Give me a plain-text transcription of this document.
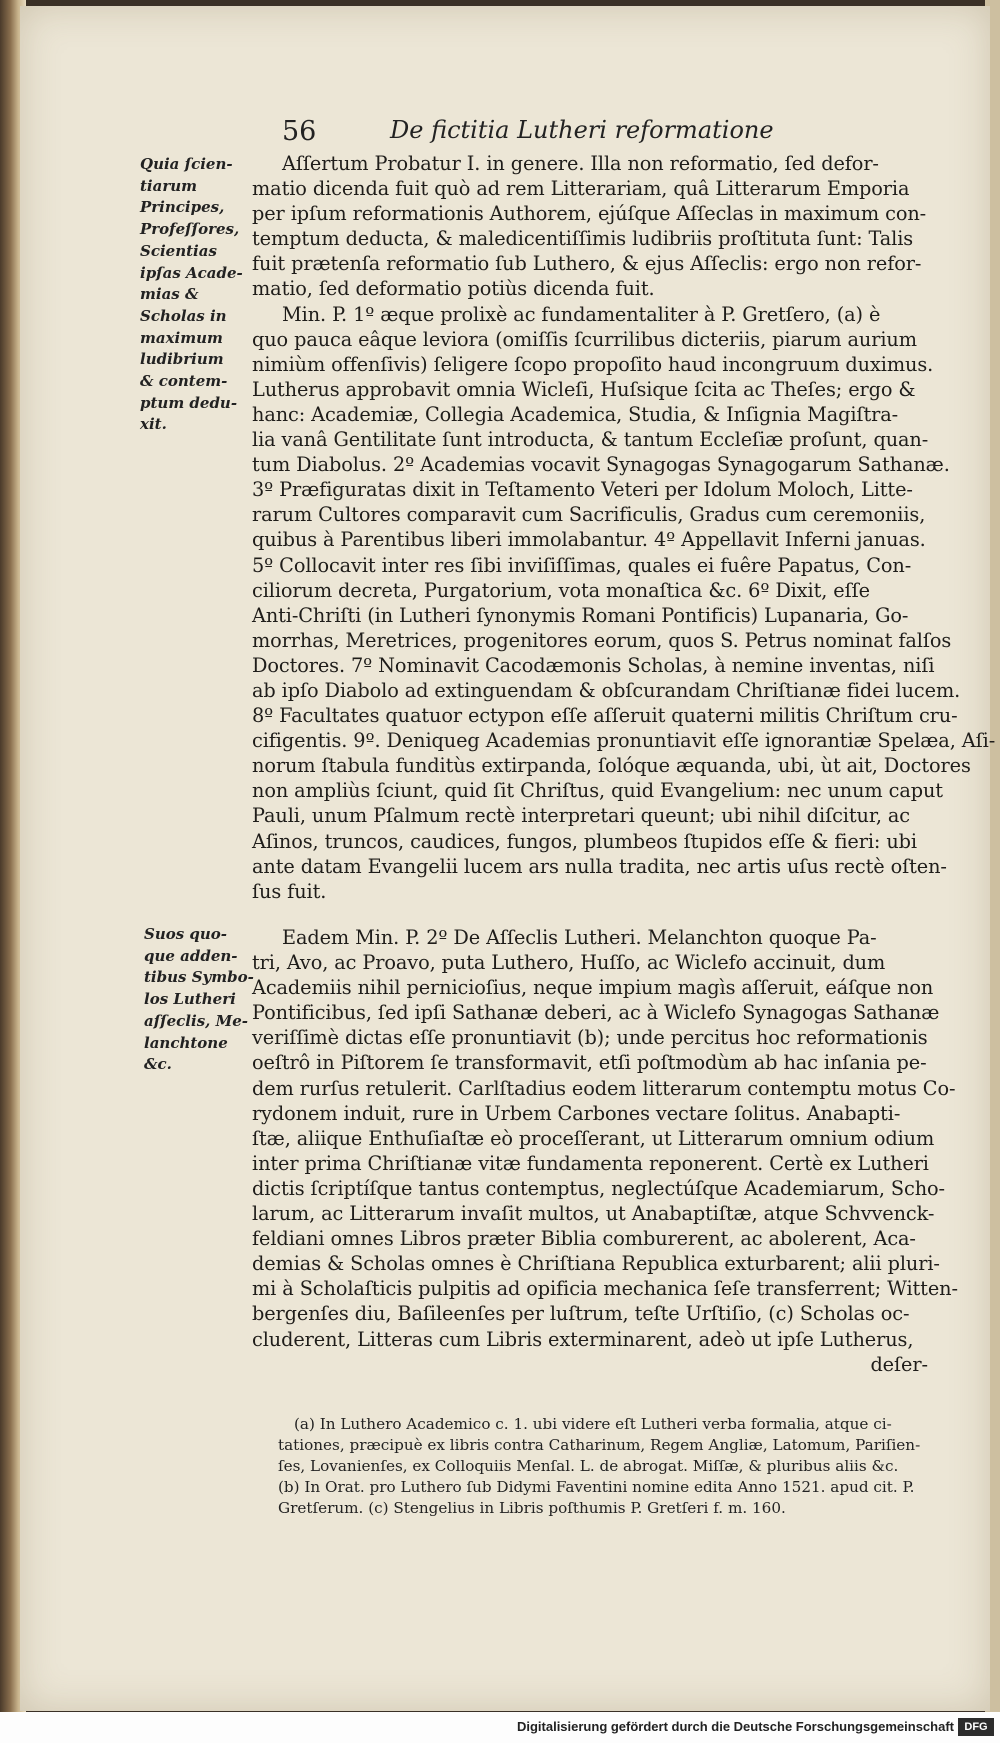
56	De fictitia Lutheri reformatione
Quia ſcien-
tiarum
Principes,
Profeſſores,
Scientias
ipſas Acade-
mias &
Scholas in
maximum
ludibrium
& contem-
ptum dedu-
xit.
Suos quo-
que adden-
tibus Symbo-
los Lutheri
aſſeclis, Me-
lanchtone
&c.
Aſſertum Probatur I. in genere. Illa non reformatio, ſed defor-
matio dicenda fuit quò ad rem Litterariam, quâ Litterarum Emporia
per ipſum reformationis Authorem, ejúſque Aſſeclas in maximum con-
temptum deducta, & maledicentiſſimis ludibriis proſtituta ſunt: Talis
fuit prætenſa reformatio ſub Luthero, & ejus Aſſeclis: ergo non refor-
matio, ſed deformatio potiùs dicenda fuit.
Min. P. 1º æque prolixè ac fundamentaliter à P. Gretſero, (a) è
quo pauca eâque leviora (omiſſis ſcurrilibus dicteriis, piarum aurium
nimiùm offenſivis) ſeligere ſcopo propoſito haud incongruum duximus.
Lutherus approbavit omnia Wicleſi, Huſsique ſcita ac Theſes; ergo &
hanc: Academiæ, Collegia Academica, Studia, & Inſignia Magiſtra-
lia vanâ Gentilitate ſunt introducta, & tantum Eccleſiæ proſunt, quan-
tum Diabolus. 2º Academias vocavit Synagogas Synagogarum Sathanæ.
3º Præfiguratas dixit in Teſtamento Veteri per Idolum Moloch, Litte-
rarum Cultores comparavit cum Sacrificulis, Gradus cum ceremoniis,
quibus à Parentibus liberi immolabantur. 4º Appellavit Inferni januas.
5º Collocavit inter res ſibi inviſiſſimas, quales ei fuêre Papatus, Con-
ciliorum decreta, Purgatorium, vota monaſtica &c. 6º Dixit, eſſe
Anti-Chriſti (in Lutheri ſynonymis Romani Pontificis) Lupanaria, Go-
morrhas, Meretrices, progenitores eorum, quos S. Petrus nominat falſos
Doctores. 7º Nominavit Cacodæmonis Scholas, à nemine inventas, niſi
ab ipſo Diabolo ad extinguendam & obſcurandam Chriſtianæ fidei lucem.
8º Facultates quatuor ectypon eſſe aſſeruit quaterni militis Chriſtum cru-
cifigentis. 9º. Deniqueg Academias pronuntiavit eſſe ignorantiæ Spelæa, Aſi-
norum ſtabula funditùs extirpanda, ſolóque æquanda, ubi, ùt ait, Doctores
non ampliùs ſciunt, quid ſit Chriſtus, quid Evangelium: nec unum caput
Pauli, unum Pſalmum rectè interpretari queunt; ubi nihil diſcitur, ac
Aſinos, truncos, caudices, fungos, plumbeos ſtupidos eſſe & fieri: ubi
ante datam Evangelii lucem ars nulla tradita, nec artis uſus rectè oſten-
ſus fuit.
Eadem Min. P. 2º De Aſſeclis Lutheri. Melanchton quoque Pa-
tri, Avo, ac Proavo, puta Luthero, Huſſo, ac Wiclefo accinuit, dum
Academiis nihil pernicioſius, neque impium magìs aſſeruit, eáſque non
Pontificibus, ſed ipſi Sathanæ deberi, ac à Wiclefo Synagogas Sathanæ
veriſſimè dictas eſſe pronuntiavit (b); unde percitus hoc reformationis
oeſtrô in Piſtorem ſe transformavit, etſi poſtmodùm ab hac inſania pe-
dem rurſus retulerit. Carlſtadius eodem litterarum contemptu motus Co-
rydonem induit, rure in Urbem Carbones vectare ſolitus. Anabapti-
ſtæ, aliique Enthuſiaſtæ eò proceſſerant, ut Litterarum omnium odium
inter prima Chriſtianæ vitæ fundamenta reponerent. Certè ex Lutheri
dictis ſcriptíſque tantus contemptus, neglectúſque Academiarum, Scho-
larum, ac Litterarum invaſit multos, ut Anabaptiſtæ, atque Schvvenck-
feldiani omnes Libros præter Biblia comburerent, ac abolerent, Aca-
demias & Scholas omnes è Chriſtiana Republica exturbarent; alii pluri-
mi à Scholaſticis pulpitis ad opificia mechanica ſeſe transferrent; Witten-
bergenſes diu, Baſileenſes per luſtrum, teſte Urſtiſio, (c) Scholas oc-
cluderent, Litteras cum Libris exterminarent, adeò ut ipſe Lutherus,
deſer-
(a) In Luthero Academico c. 1. ubi videre eſt Lutheri verba formalia, atque ci-
tationes, præcipuè ex libris contra Catharinum, Regem Angliæ, Latomum, Pariſien-
ſes, Lovanienſes, ex Colloquiis Menſal. L. de abrogat. Miſſæ, & pluribus aliis &c.
(b) In Orat. pro Luthero ſub Didymi Faventini nomine edita Anno 1521. apud cit. P.
Gretſerum. (c) Stengelius in Libris poſthumis P. Gretſeri f. m. 160.
Digitalisierung gefördert durch die Deutsche Forschungsgemeinschaft DFG
